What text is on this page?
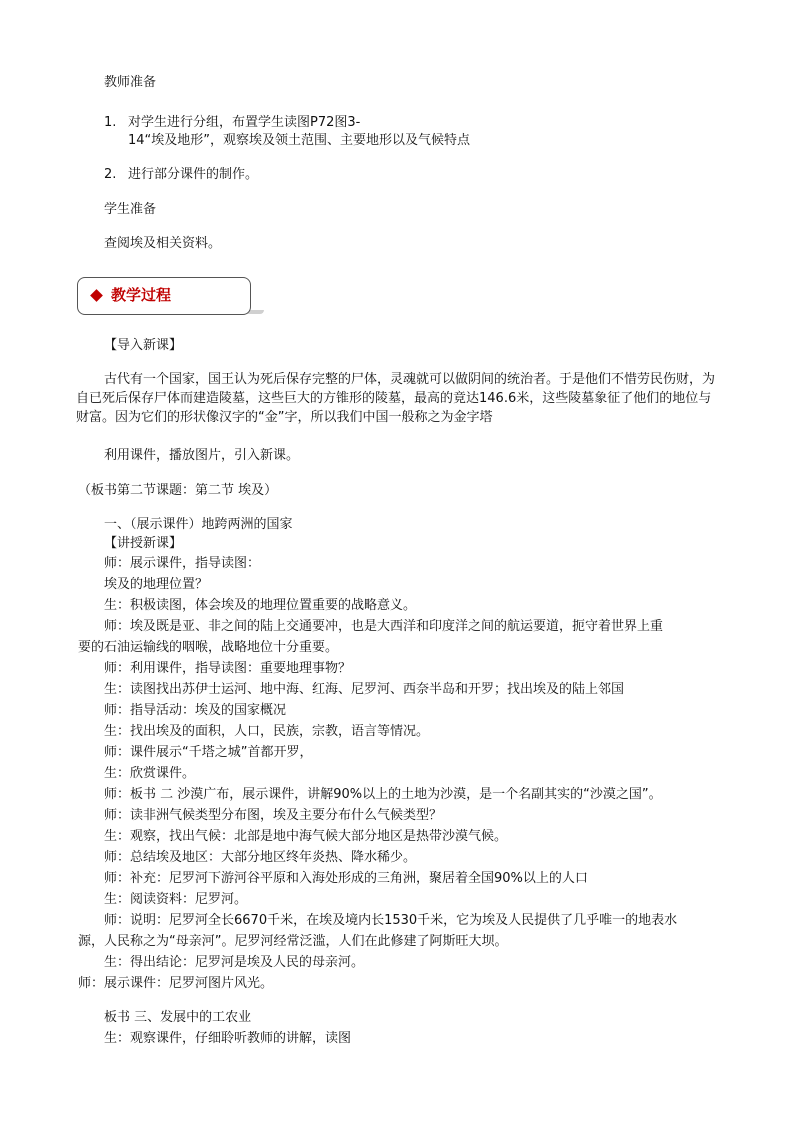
教师准备
1. 对学生进行分组，布置学生读图P72图3-
14“埃及地形”，观察埃及领土范围、主要地形以及气候特点
2. 进行部分课件的制作。
学生准备
查阅埃及相关资料。
教学过程
【导入新课】
古代有一个国家，国王认为死后保存完整的尸体，灵魂就可以做阴间的统治者。于是他们不惜劳民伤财，为自已死后保存尸体而建造陵墓，这些巨大的方锥形的陵墓，最高的竟达146.6米，这些陵墓象征了他们的地位与财富。因为它们的形状像汉字的“金”字，所以我们中国一般称之为金字塔
利用课件，播放图片，引入新课。
（板书第二节课题：第二节 埃及）
一、（展示课件）地跨两洲的国家
【讲授新课】
师：展示课件，指导读图：
埃及的地理位置？
生：积极读图，体会埃及的地理位置重要的战略意义。
师：埃及既是亚、非之间的陆上交通要冲，也是大西洋和印度洋之间的航运要道，扼守着世界上重
要的石油运输线的咽喉，战略地位十分重要。
师：利用课件，指导读图：重要地理事物？
生：读图找出苏伊士运河、地中海、红海、尼罗河、西奈半岛和开罗；找出埃及的陆上邻国
师：指导活动：埃及的国家概况
生：找出埃及的面积，人口，民族，宗教，语言等情况。
师：课件展示“千塔之城”首都开罗，
生：欣赏课件。
师：板书 二 沙漠广布，展示课件，讲解90%以上的土地为沙漠，是一个名副其实的“沙漠之国”。
师：读非洲气候类型分布图，埃及主要分布什么气候类型？
生：观察，找出气候：北部是地中海气候大部分地区是热带沙漠气候。
师：总结埃及地区：大部分地区终年炎热、降水稀少。
师：补充：尼罗河下游河谷平原和入海处形成的三角洲，聚居着全国90%以上的人口
生：阅读资料：尼罗河。
师：说明：尼罗河全长6670千米，在埃及境内长1530千米，它为埃及人民提供了几乎唯一的地表水
源，人民称之为“母亲河”。尼罗河经常泛滥，人们在此修建了阿斯旺大坝。
生：得出结论：尼罗河是埃及人民的母亲河。
师：展示课件：尼罗河图片风光。
板书 三、发展中的工农业
生：观察课件，仔细聆听教师的讲解，读图
